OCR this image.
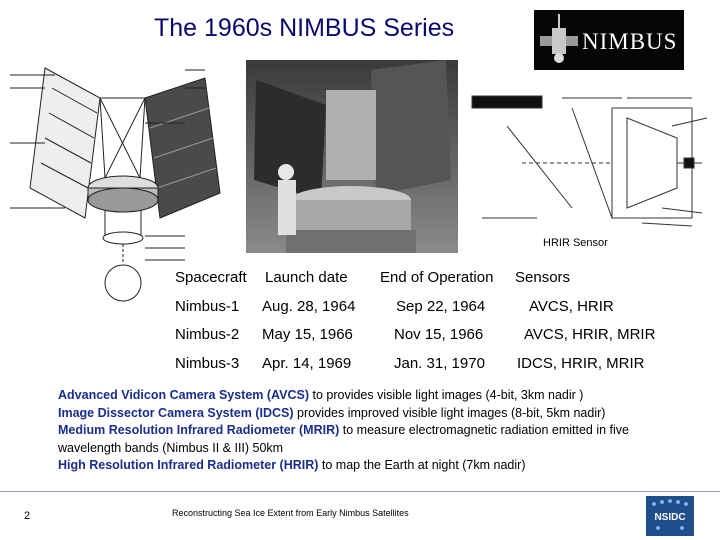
The 1960s NIMBUS Series	NIMBUS
HRIR Sensor
Spacecraft Launch date End of Operation Sensors
Nimbus-1 Aug. 28, 1964	Sep 22, 1964	AVCS, HRIR
Nimbus-2 May 15, 1966	Nov 15, 1966	AVCS, HRIR, MRIR
Nimbus-3 Apr. 14, 1969	Jan. 31, 1970 IDCS, HRIR, MRIR
Advanced Vidicon Camera System (AVCS) to provides visible light images (4-bit, 3km nadir )
Image Dissector Camera System (IDCS) provides improved visible light images (8-bit, 5km nadir)
Medium Resolution Infrared Radiometer (MRIR) to measure electromagnetic radiation emitted in five wavelength bands (Nimbus II & III) 50km
High Resolution Infrared Radiometer (HRIR) to map the Earth at night (7km nadir)
2	Reconstructing Sea Ice Extent from Early Nimbus Satellites	NSIDC
